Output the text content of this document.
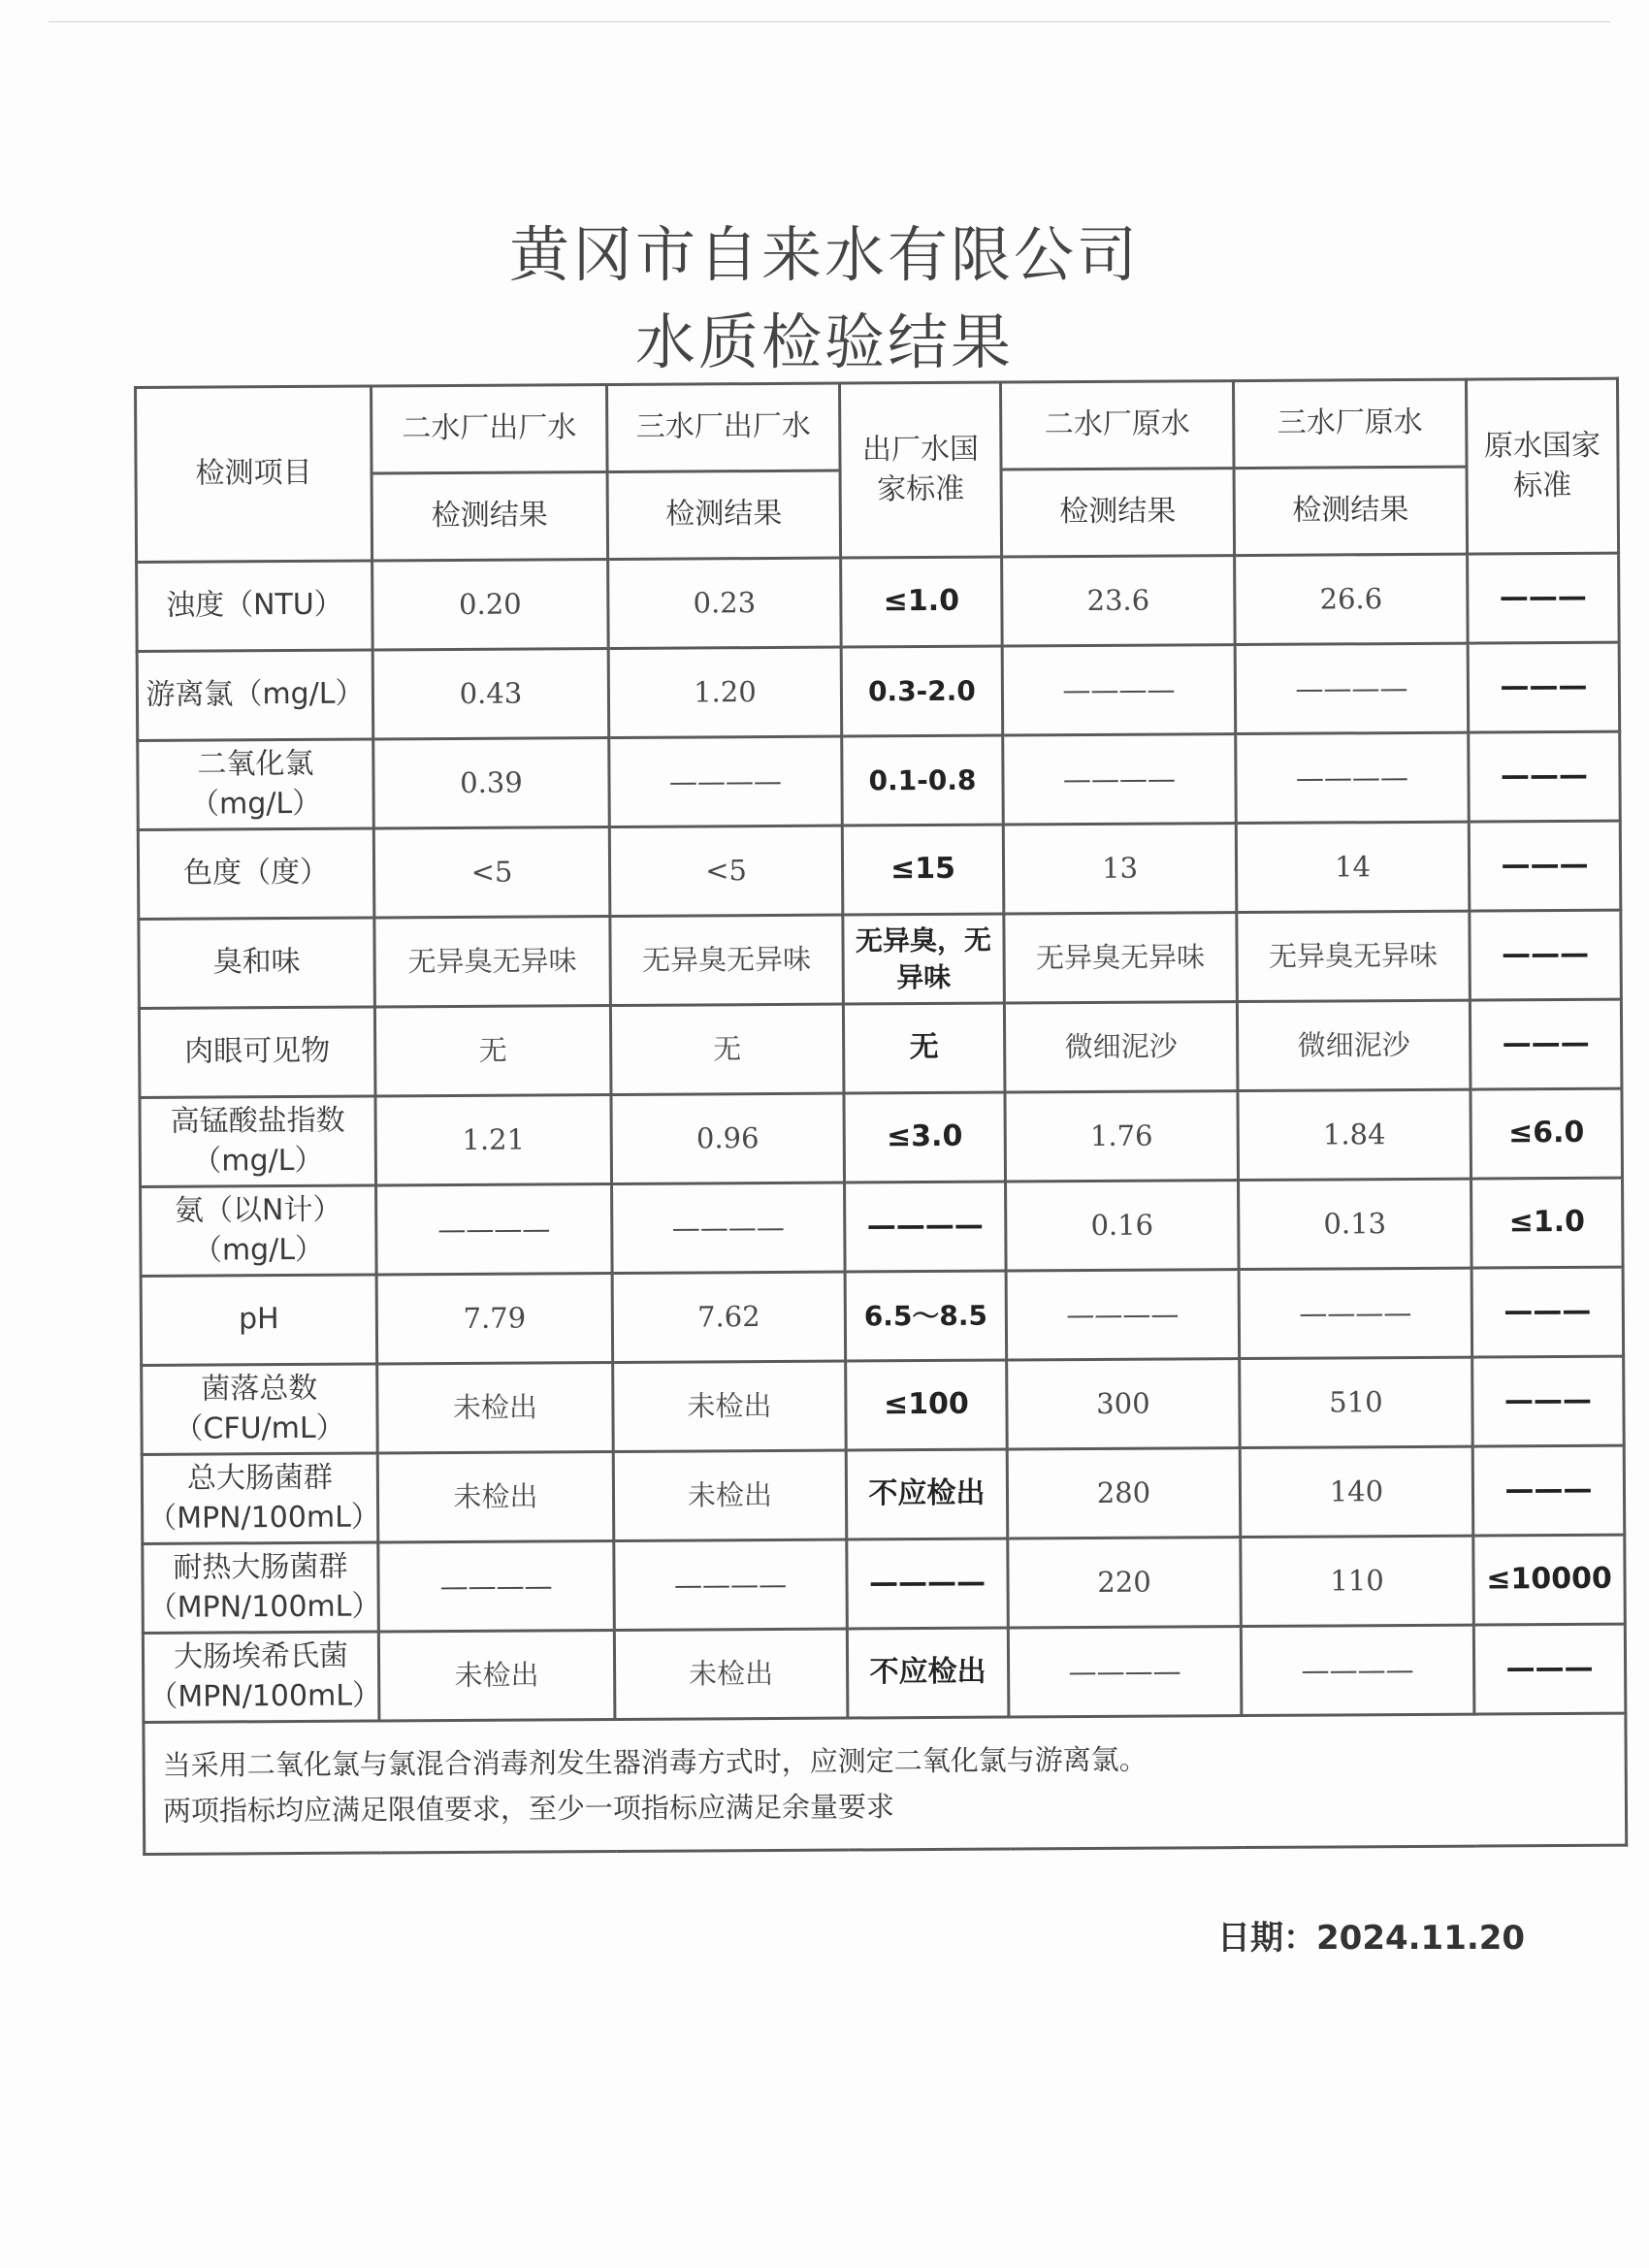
黄冈市自来水有限公司
水质检验结果
检测项目	二水厂出厂水	三水厂出厂水	出厂水国家标准	二水厂原水	三水厂原水	原水国家标准
	检测结果	检测结果		检测结果	检测结果	

浊度（NTU）	0.20	0.23	≤1.0	23.6	26.6	———

游离氯（mg/L）	0.43	1.20	0.3-2.0	————	————	———

二氧化氯
（mg/L）	0.39	————	0.1-0.8	————	————	———

色度（度）	<5	<5	≤15	13	14	———

臭和味	无异臭无异味	无异臭无异味	无异臭，无异味	无异臭无异味	无异臭无异味	———

肉眼可见物	无	无	无	微细泥沙	微细泥沙	———

高锰酸盐指数
（mg/L）	1.21	0.96	≤3.0	1.76	1.84	≤6.0

氨（以N计）
（mg/L）	————	————	————	0.16	0.13	≤1.0

pH	7.79	7.62	6.5～8.5	————	————	———

菌落总数
（CFU/mL）	未检出	未检出	≤100	300	510	———

总大肠菌群
（MPN/100mL）	未检出	未检出	不应检出	280	140	———

耐热大肠菌群
（MPN/100mL）	————	————	————	220	110	≤10000

大肠埃希氏菌
（MPN/100mL）	未检出	未检出	不应检出	————	————	———

当采用二氧化氯与氯混合消毒剂发生器消毒方式时，应测定二氧化氯与游离氯。
两项指标均应满足限值要求，至少一项指标应满足余量要求						
日期：2024.11.20
